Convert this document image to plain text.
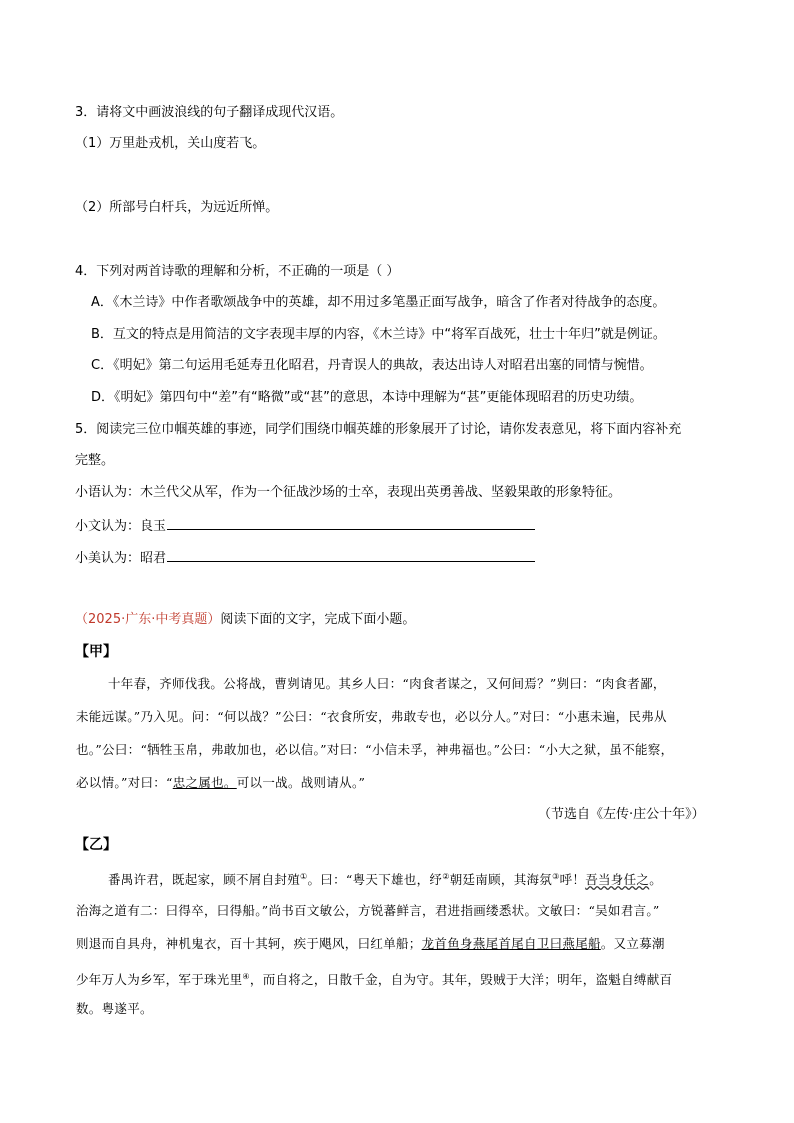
3．请将文中画波浪线的句子翻译成现代汉语。
（1）万里赴戎机，关山度若飞。
（2）所部号白杆兵，为远近所惮。
4．下列对两首诗歌的理解和分析，不正确的一项是（ ）
A．《木兰诗》中作者歌颂战争中的英雄，却不用过多笔墨正面写战争，暗含了作者对待战争的态度。
B．互文的特点是用简洁的文字表现丰厚的内容，《木兰诗》中“将军百战死，壮士十年归”就是例证。
C．《明妃》第二句运用毛延寿丑化昭君，丹青误人的典故，表达出诗人对昭君出塞的同情与惋惜。
D．《明妃》第四句中“差”有“略微”或“甚”的意思，本诗中理解为“甚”更能体现昭君的历史功绩。
5．阅读完三位巾帼英雄的事迹，同学们围绕巾帼英雄的形象展开了讨论，请你发表意见，将下面内容补充
完整。
小语认为：木兰代父从军，作为一个征战沙场的士卒，表现出英勇善战、坚毅果敢的形象特征。
小文认为：良玉
小美认为：昭君
（2025·广东·中考真题）阅读下面的文字，完成下面小题。
【甲】
十年春，齐师伐我。公将战，曹刿请见。其乡人曰：“肉食者谋之，又何间焉？”刿曰：“肉食者鄙，
未能远谋。”乃入见。问：“何以战？”公曰：“衣食所安，弗敢专也，必以分人。”对曰：“小惠未遍，民弗从
也。”公曰：“牺牲玉帛，弗敢加也，必以信。”对曰：“小信未孚，神弗福也。”公曰：“小大之狱，虽不能察，
必以情。”对曰：“忠之属也。可以一战。战则请从。”
（节选自《左传·庄公十年》）
【乙】
番禺许君，既起家，顾不屑自封殖①。曰：“粤天下雄也，纾②朝廷南顾，其海氛③呼！吾当身任之。
治海之道有二：曰得卒，曰得船。”尚书百文敏公，方锐蕃鲜言，君进指画缕悉状。文敏曰：“吴如君言。”
则退而自具舟，神机鬼衣，百十其轲，疾于飓风，曰红单船；龙首鱼身燕尾首尾自卫曰燕尾船。又立募潮
少年万人为乡军，军于珠光里④，而自将之，日散千金，自为守。其年，毁贼于大洋；明年，盗魁自缚献百
数。粤遂平。
